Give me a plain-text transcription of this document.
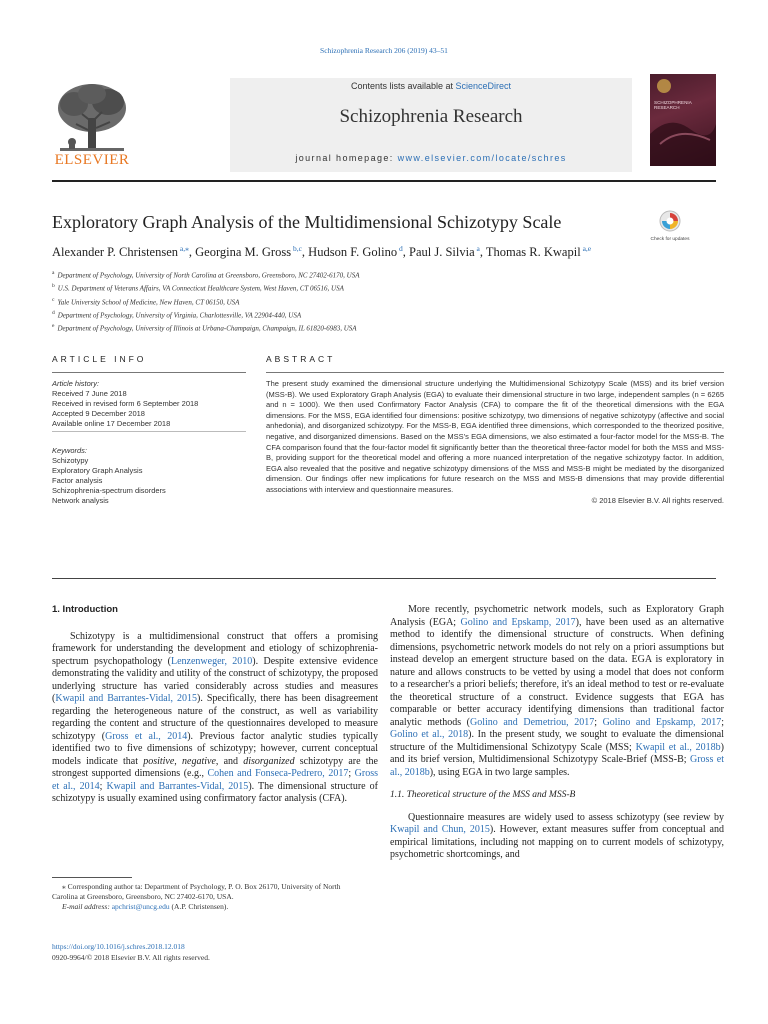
Schizophrenia Research 206 (2019) 43–51
ELSEVIER
Contents lists available at ScienceDirect
Schizophrenia Research
journal homepage: www.elsevier.com/locate/schres
SCHIZOPHRENIA RESEARCH
Exploratory Graph Analysis of the Multidimensional Schizotypy Scale
Check for updates
Alexander P. Christensen $^{a,⁎}$, Georgina M. Gross $^{b,c}$, Hudson F. Golino $^d$, Paul J. Silvia $^a$, Thomas R. Kwapil $^{a,e}$
$^a$ Department of Psychology, University of North Carolina at Greensboro, Greensboro, NC 27402-6170, USA
$^b$ U.S. Department of Veterans Affairs, VA Connecticut Healthcare System, West Haven, CT 06516, USA
$^c$ Yale University School of Medicine, New Haven, CT 06150, USA
$^d$ Department of Psychology, University of Virginia, Charlottesville, VA 22904-440, USA
$^e$ Department of Psychology, University of Illinois at Urbana-Champaign, Champaign, IL 61820-6983, USA
ARTICLE INFO	ABSTRACT
Article history:
Received 7 June 2018
Received in revised form 6 September 2018
Accepted 9 December 2018
Available online 17 December 2018
Keywords:
Schizotypy
Exploratory Graph Analysis
Factor analysis
Schizophrenia-spectrum disorders
Network analysis
The present study examined the dimensional structure underlying the Multidimensional Schizotypy Scale (MSS) and its brief version (MSS-B). We used Exploratory Graph Analysis (EGA) to evaluate their dimensional structure in two large, independent samples (n = 6265 and n = 1000). We then used Confirmatory Factor Analysis (CFA) to compare the fit of the theoretical dimensions with the EGA dimensions. For the MSS, EGA identified four dimensions: positive schizotypy, two dimensions of negative schizotypy (affective and social anhedonia), and disorganized schizotypy. For the MSS-B, EGA identified three dimensions, which corresponded to the theorized positive, negative, and disorganized dimensions. Based on the MSS's EGA dimensions, we also estimated a four-factor model for the MSS-B. The CFA comparison found that the four-factor model fit significantly better than the theoretical three-factor model for both the MSS and MSS-B, providing support for the theoretical model and offering a more nuanced interpretation of the negative schizotypy factor. In addition, EGA also revealed that the positive and negative schizotypy dimensions of the MSS and MSS-B might be mediated by the disorganized dimension. Our findings offer new implications for future research on the MSS and MSS-B dimensions that may provide differential associations with interview and questionnaire measures.
© 2018 Elsevier B.V. All rights reserved.
1. Introduction

Schizotypy is a multidimensional construct that offers a promising framework for understanding the development and etiology of schizophrenia-spectrum psychopathology (Lenzenweger, 2010). Despite extensive evidence demonstrating the validity and utility of the construct of schizotypy, the proposed underlying structure has varied considerably across studies and measures (Kwapil and Barrantes-Vidal, 2015). Specifically, there has been disagreement regarding the heterogeneous nature of the construct, as well as variability regarding the content and structure of the questionnaires developed to measure schizotypy (Gross et al., 2014). Previous factor analytic studies typically identified two to five dimensions of schizotypy; however, current conceptual models indicate that positive, negative, and disorganized schizotypy are the strongest supported dimensions (e.g., Cohen and Fonseca-Pedrero, 2017; Gross et al., 2014; Kwapil and Barrantes-Vidal, 2015). The dimensional structure of schizotypy is usually examined using confirmatory factor analysis (CFA).

More recently, psychometric network models, such as Exploratory Graph Analysis (EGA; Golino and Epskamp, 2017), have been used as an alternative method to identify the dimensional structure of constructs. When defining dimensions, psychometric network models do not rely on a priori assumptions but instead develop an emergent structure based on the data. EGA is exploratory in nature and allows constructs to be vetted by using a model that does not conform to a researcher's a priori beliefs; therefore, it's an ideal method to test or re-evaluate the theoretical structure of a construct. Evidence suggests that EGA has comparable or better accuracy identifying dimensions than traditional factor analytic methods (Golino and Demetriou, 2017; Golino and Epskamp, 2017; Golino et al., 2018). In the present study, we sought to evaluate the dimensional structure of the Multidimensional Schizotypy Scale (MSS; Kwapil et al., 2018b) and its brief version, Multidimensional Schizotypy Scale-Brief (MSS-B; Gross et al., 2018b), using EGA in two large samples.

1.1. Theoretical structure of the MSS and MSS-B

Questionnaire measures are widely used to assess schizotypy (see review by Kwapil and Chun, 2015). However, extant measures suffer from conceptual and empirical limitations, including not mapping on to current models of schizotypy, psychometric shortcomings, and

⁎ Corresponding author ta: Department of Psychology, P. O. Box 26170, University of North Carolina at Greensboro, Greensboro, NC 27402-6170, USA.
E-mail address: apchrist@uncg.edu (A.P. Christensen).
https://doi.org/10.1016/j.schres.2018.12.018
0920-9964/© 2018 Elsevier B.V. All rights reserved.
